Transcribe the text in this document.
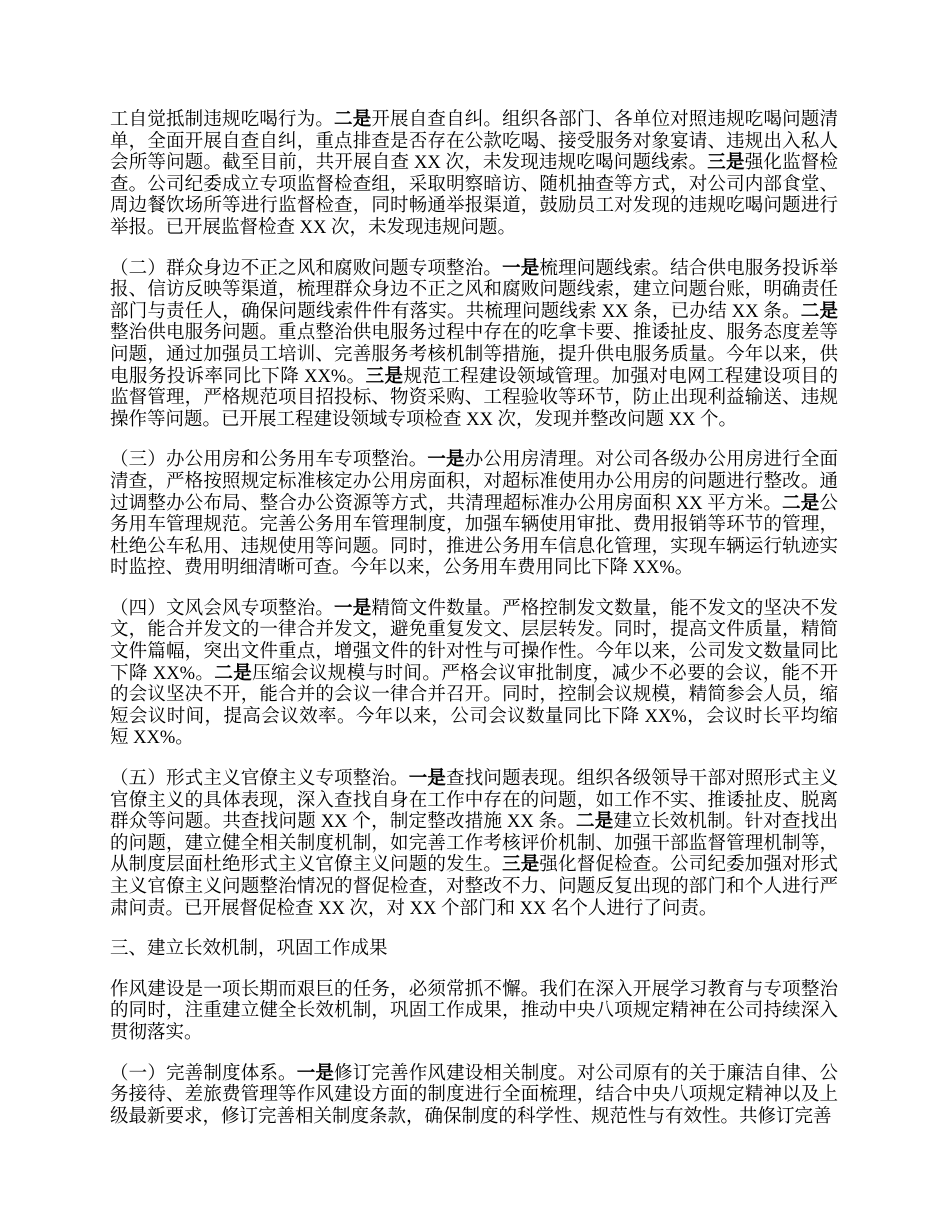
工自觉抵制违规吃喝行为。二是开展自查自纠。组织各部门、各单位对照违规吃喝问题清单，全面开展自查自纠，重点排查是否存在公款吃喝、接受服务对象宴请、违规出入私人会所等问题。截至目前，共开展自查 XX 次，未发现违规吃喝问题线索。三是强化监督检查。公司纪委成立专项监督检查组，采取明察暗访、随机抽查等方式，对公司内部食堂、周边餐饮场所等进行监督检查，同时畅通举报渠道，鼓励员工对发现的违规吃喝问题进行举报。已开展监督检查 XX 次，未发现违规问题。

（二）群众身边不正之风和腐败问题专项整治。一是梳理问题线索。结合供电服务投诉举报、信访反映等渠道，梳理群众身边不正之风和腐败问题线索，建立问题台账，明确责任部门与责任人，确保问题线索件件有落实。共梳理问题线索 XX 条，已办结 XX 条。二是整治供电服务问题。重点整治供电服务过程中存在的吃拿卡要、推诿扯皮、服务态度差等问题，通过加强员工培训、完善服务考核机制等措施，提升供电服务质量。今年以来，供电服务投诉率同比下降 XX%。三是规范工程建设领域管理。加强对电网工程建设项目的监督管理，严格规范项目招投标、物资采购、工程验收等环节，防止出现利益输送、违规操作等问题。已开展工程建设领域专项检查 XX 次，发现并整改问题 XX 个。

（三）办公用房和公务用车专项整治。一是办公用房清理。对公司各级办公用房进行全面清查，严格按照规定标准核定办公用房面积，对超标准使用办公用房的问题进行整改。通过调整办公布局、整合办公资源等方式，共清理超标准办公用房面积 XX 平方米。二是公务用车管理规范。完善公务用车管理制度，加强车辆使用审批、费用报销等环节的管理，杜绝公车私用、违规使用等问题。同时，推进公务用车信息化管理，实现车辆运行轨迹实时监控、费用明细清晰可查。今年以来，公务用车费用同比下降 XX%。

（四）文风会风专项整治。一是精简文件数量。严格控制发文数量，能不发文的坚决不发文，能合并发文的一律合并发文，避免重复发文、层层转发。同时，提高文件质量，精简文件篇幅，突出文件重点，增强文件的针对性与可操作性。今年以来，公司发文数量同比下降 XX%。二是压缩会议规模与时间。严格会议审批制度，减少不必要的会议，能不开的会议坚决不开，能合并的会议一律合并召开。同时，控制会议规模，精简参会人员，缩短会议时间，提高会议效率。今年以来，公司会议数量同比下降 XX%，会议时长平均缩短 XX%。

（五）形式主义官僚主义专项整治。一是查找问题表现。组织各级领导干部对照形式主义官僚主义的具体表现，深入查找自身在工作中存在的问题，如工作不实、推诿扯皮、脱离群众等问题。共查找问题 XX 个，制定整改措施 XX 条。二是建立长效机制。针对查找出的问题，建立健全相关制度机制，如完善工作考核评价机制、加强干部监督管理机制等，从制度层面杜绝形式主义官僚主义问题的发生。三是强化督促检查。公司纪委加强对形式主义官僚主义问题整治情况的督促检查，对整改不力、问题反复出现的部门和个人进行严肃问责。已开展督促检查 XX 次，对 XX 个部门和 XX 名个人进行了问责。

三、建立长效机制，巩固工作成果

作风建设是一项长期而艰巨的任务，必须常抓不懈。我们在深入开展学习教育与专项整治的同时，注重建立健全长效机制，巩固工作成果，推动中央八项规定精神在公司持续深入贯彻落实。

（一）完善制度体系。一是修订完善作风建设相关制度。对公司原有的关于廉洁自律、公务接待、差旅费管理等作风建设方面的制度进行全面梳理，结合中央八项规定精神以及上级最新要求，修订完善相关制度条款，确保制度的科学性、规范性与有效性。共修订完善
